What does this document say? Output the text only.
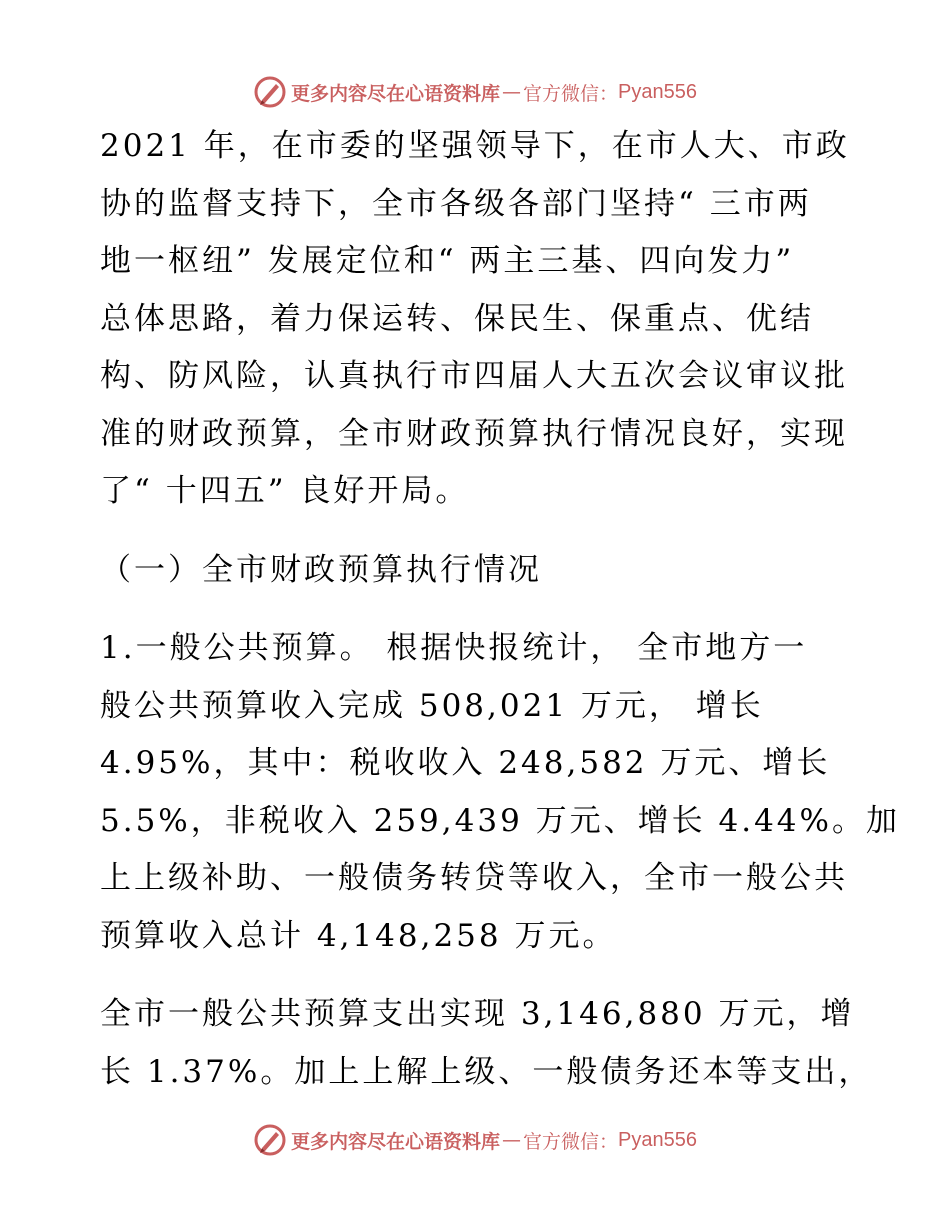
更多内容尽在心语资料库 — 官方微信： Pyan556

2021 年，在市委的坚强领导下，在市人大、市政
协的监督支持下，全市各级各部门坚持“ 三市两
地一枢纽” 发展定位和“ 两主三基、四向发力”
总体思路，着力保运转、保民生、保重点、优结
构、防风险，认真执行市四届人大五次会议审议批
准的财政预算，全市财政预算执行情况良好，实现
了“ 十四五” 良好开局。

（一）全市财政预算执行情况

1.一般公共预算。 根据快报统计， 全市地方一
般公共预算收入完成 508,021 万元， 增长
4.95%，其中：税收收入 248,582 万元、增长
5.5%，非税收入 259,439 万元、增长 4.44%。加
上上级补助、一般债务转贷等收入，全市一般公共
预算收入总计 4,148,258 万元。

全市一般公共预算支出实现 3,146,880 万元，增
长 1.37%。加上上解上级、一般债务还本等支出，

更多内容尽在心语资料库 — 官方微信： Pyan556
